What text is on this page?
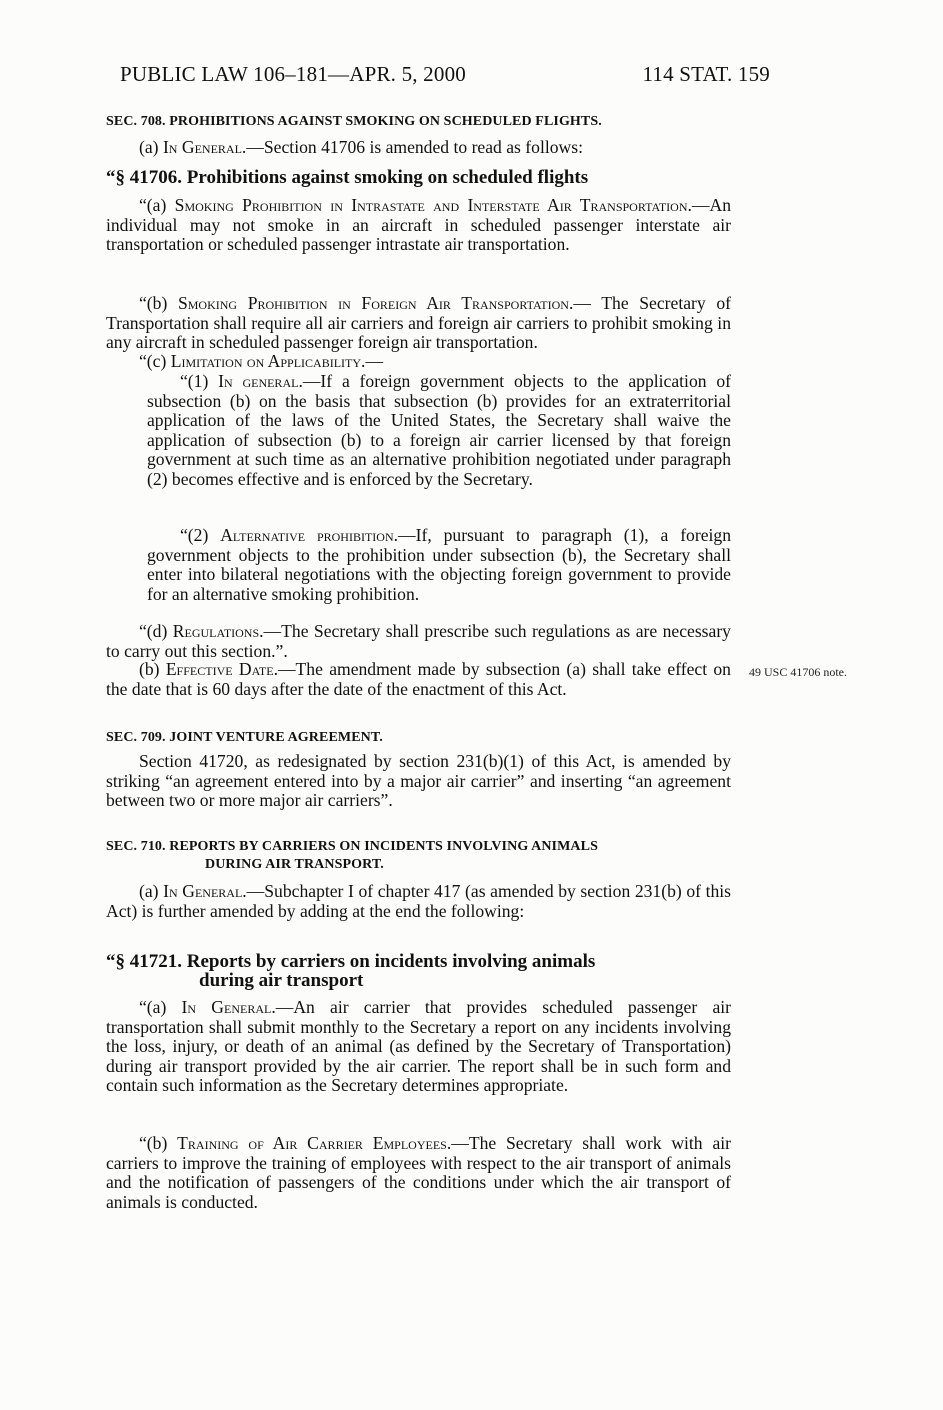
PUBLIC LAW 106–181—APR. 5, 2000	114 STAT. 159
SEC. 708. PROHIBITIONS AGAINST SMOKING ON SCHEDULED FLIGHTS.

(a) In General.—Section 41706 is amended to read as follows:

“§ 41706. Prohibitions against smoking on scheduled flights

“(a) Smoking Prohibition in Intrastate and Interstate Air Transportation.—An individual may not smoke in an aircraft in scheduled passenger interstate air transportation or scheduled passenger intrastate air transportation.

“(b) Smoking Prohibition in Foreign Air Transportation.— The Secretary of Transportation shall require all air carriers and foreign air carriers to prohibit smoking in any aircraft in scheduled passenger foreign air transportation.

“(c) Limitation on Applicability.—

“(1) In general.—If a foreign government objects to the application of subsection (b) on the basis that subsection (b) provides for an extraterritorial application of the laws of the United States, the Secretary shall waive the application of subsection (b) to a foreign air carrier licensed by that foreign government at such time as an alternative prohibition negotiated under paragraph (2) becomes effective and is enforced by the Secretary.

“(2) Alternative prohibition.—If, pursuant to paragraph (1), a foreign government objects to the prohibition under subsection (b), the Secretary shall enter into bilateral negotiations with the objecting foreign government to provide for an alternative smoking prohibition.

“(d) Regulations.—The Secretary shall prescribe such regulations as are necessary to carry out this section.”.

(b) Effective Date.—The amendment made by subsection (a) shall take effect on the date that is 60 days after the date of the enactment of this Act.

SEC. 709. JOINT VENTURE AGREEMENT.

Section 41720, as redesignated by section 231(b)(1) of this Act, is amended by striking “an agreement entered into by a major air carrier” and inserting “an agreement between two or more major air carriers”.

SEC. 710. REPORTS BY CARRIERS ON INCIDENTS INVOLVING ANIMALS
DURING AIR TRANSPORT.

(a) In General.—Subchapter I of chapter 417 (as amended by section 231(b) of this Act) is further amended by adding at the end the following:

“§ 41721. Reports by carriers on incidents involving animals
during air transport

“(a) In General.—An air carrier that provides scheduled passenger air transportation shall submit monthly to the Secretary a report on any incidents involving the loss, injury, or death of an animal (as defined by the Secretary of Transportation) during air transport provided by the air carrier. The report shall be in such form and contain such information as the Secretary determines appropriate.

“(b) Training of Air Carrier Employees.—The Secretary shall work with air carriers to improve the training of employees with respect to the air transport of animals and the notification of passengers of the conditions under which the air transport of animals is conducted.

49 USC 41706 note.
